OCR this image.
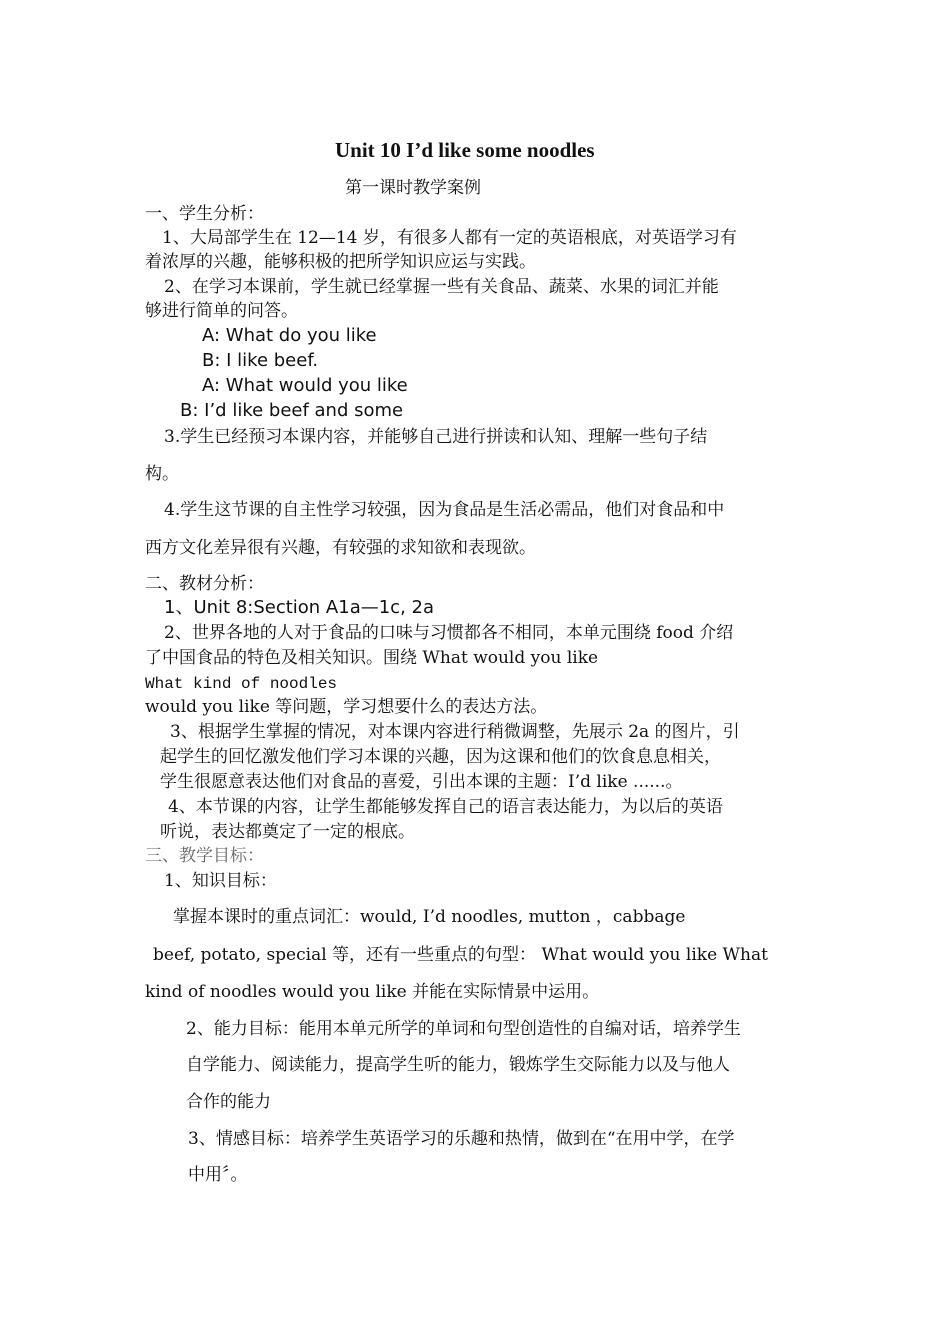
Unit 10 I’d like some noodles
第一课时教学案例
一、学生分析：
1、大局部学生在 12—14 岁，有很多人都有一定的英语根底，对英语学习有
着浓厚的兴趣，能够积极的把所学知识应运与实践。
2、在学习本课前，学生就已经掌握一些有关食品、蔬菜、水果的词汇并能
够进行简单的问答。
A: What do you like
B: I like beef.
A: What would you like
B: I’d like beef and some
3.学生已经预习本课内容，并能够自己进行拼读和认知、理解一些句子结
构。
4.学生这节课的自主性学习较强，因为食品是生活必需品，他们对食品和中
西方文化差异很有兴趣，有较强的求知欲和表现欲。
二、教材分析：
1、Unit 8:Section A1a—1c, 2a
2、世界各地的人对于食品的口味与习惯都各不相同，本单元围绕 food 介绍
了中国食品的特色及相关知识。围绕 What would you like
What kind of noodles
would you like 等问题，学习想要什么的表达方法。
3、根据学生掌握的情况，对本课内容进行稍微调整，先展示 2a 的图片，引
起学生的回忆激发他们学习本课的兴趣，因为这课和他们的饮食息息相关，
学生很愿意表达他们对食品的喜爱，引出本课的主题：I’d like ......。
4、本节课的内容，让学生都能够发挥自己的语言表达能力，为以后的英语
听说，表达都奠定了一定的根底。
三、教学目标：
1、知识目标：
掌握本课时的重点词汇：would, I’d noodles, mutton ，cabbage
beef, potato, special 等，还有一些重点的句型： What would you like What
kind of noodles would you like 并能在实际情景中运用。
2、能力目标：能用本单元所学的单词和句型创造性的自编对话，培养学生
自学能力、阅读能力，提高学生听的能力，锻炼学生交际能力以及与他人
合作的能力
3、情感目标：培养学生英语学习的乐趣和热情，做到在“在用中学，在学
中用〞。
